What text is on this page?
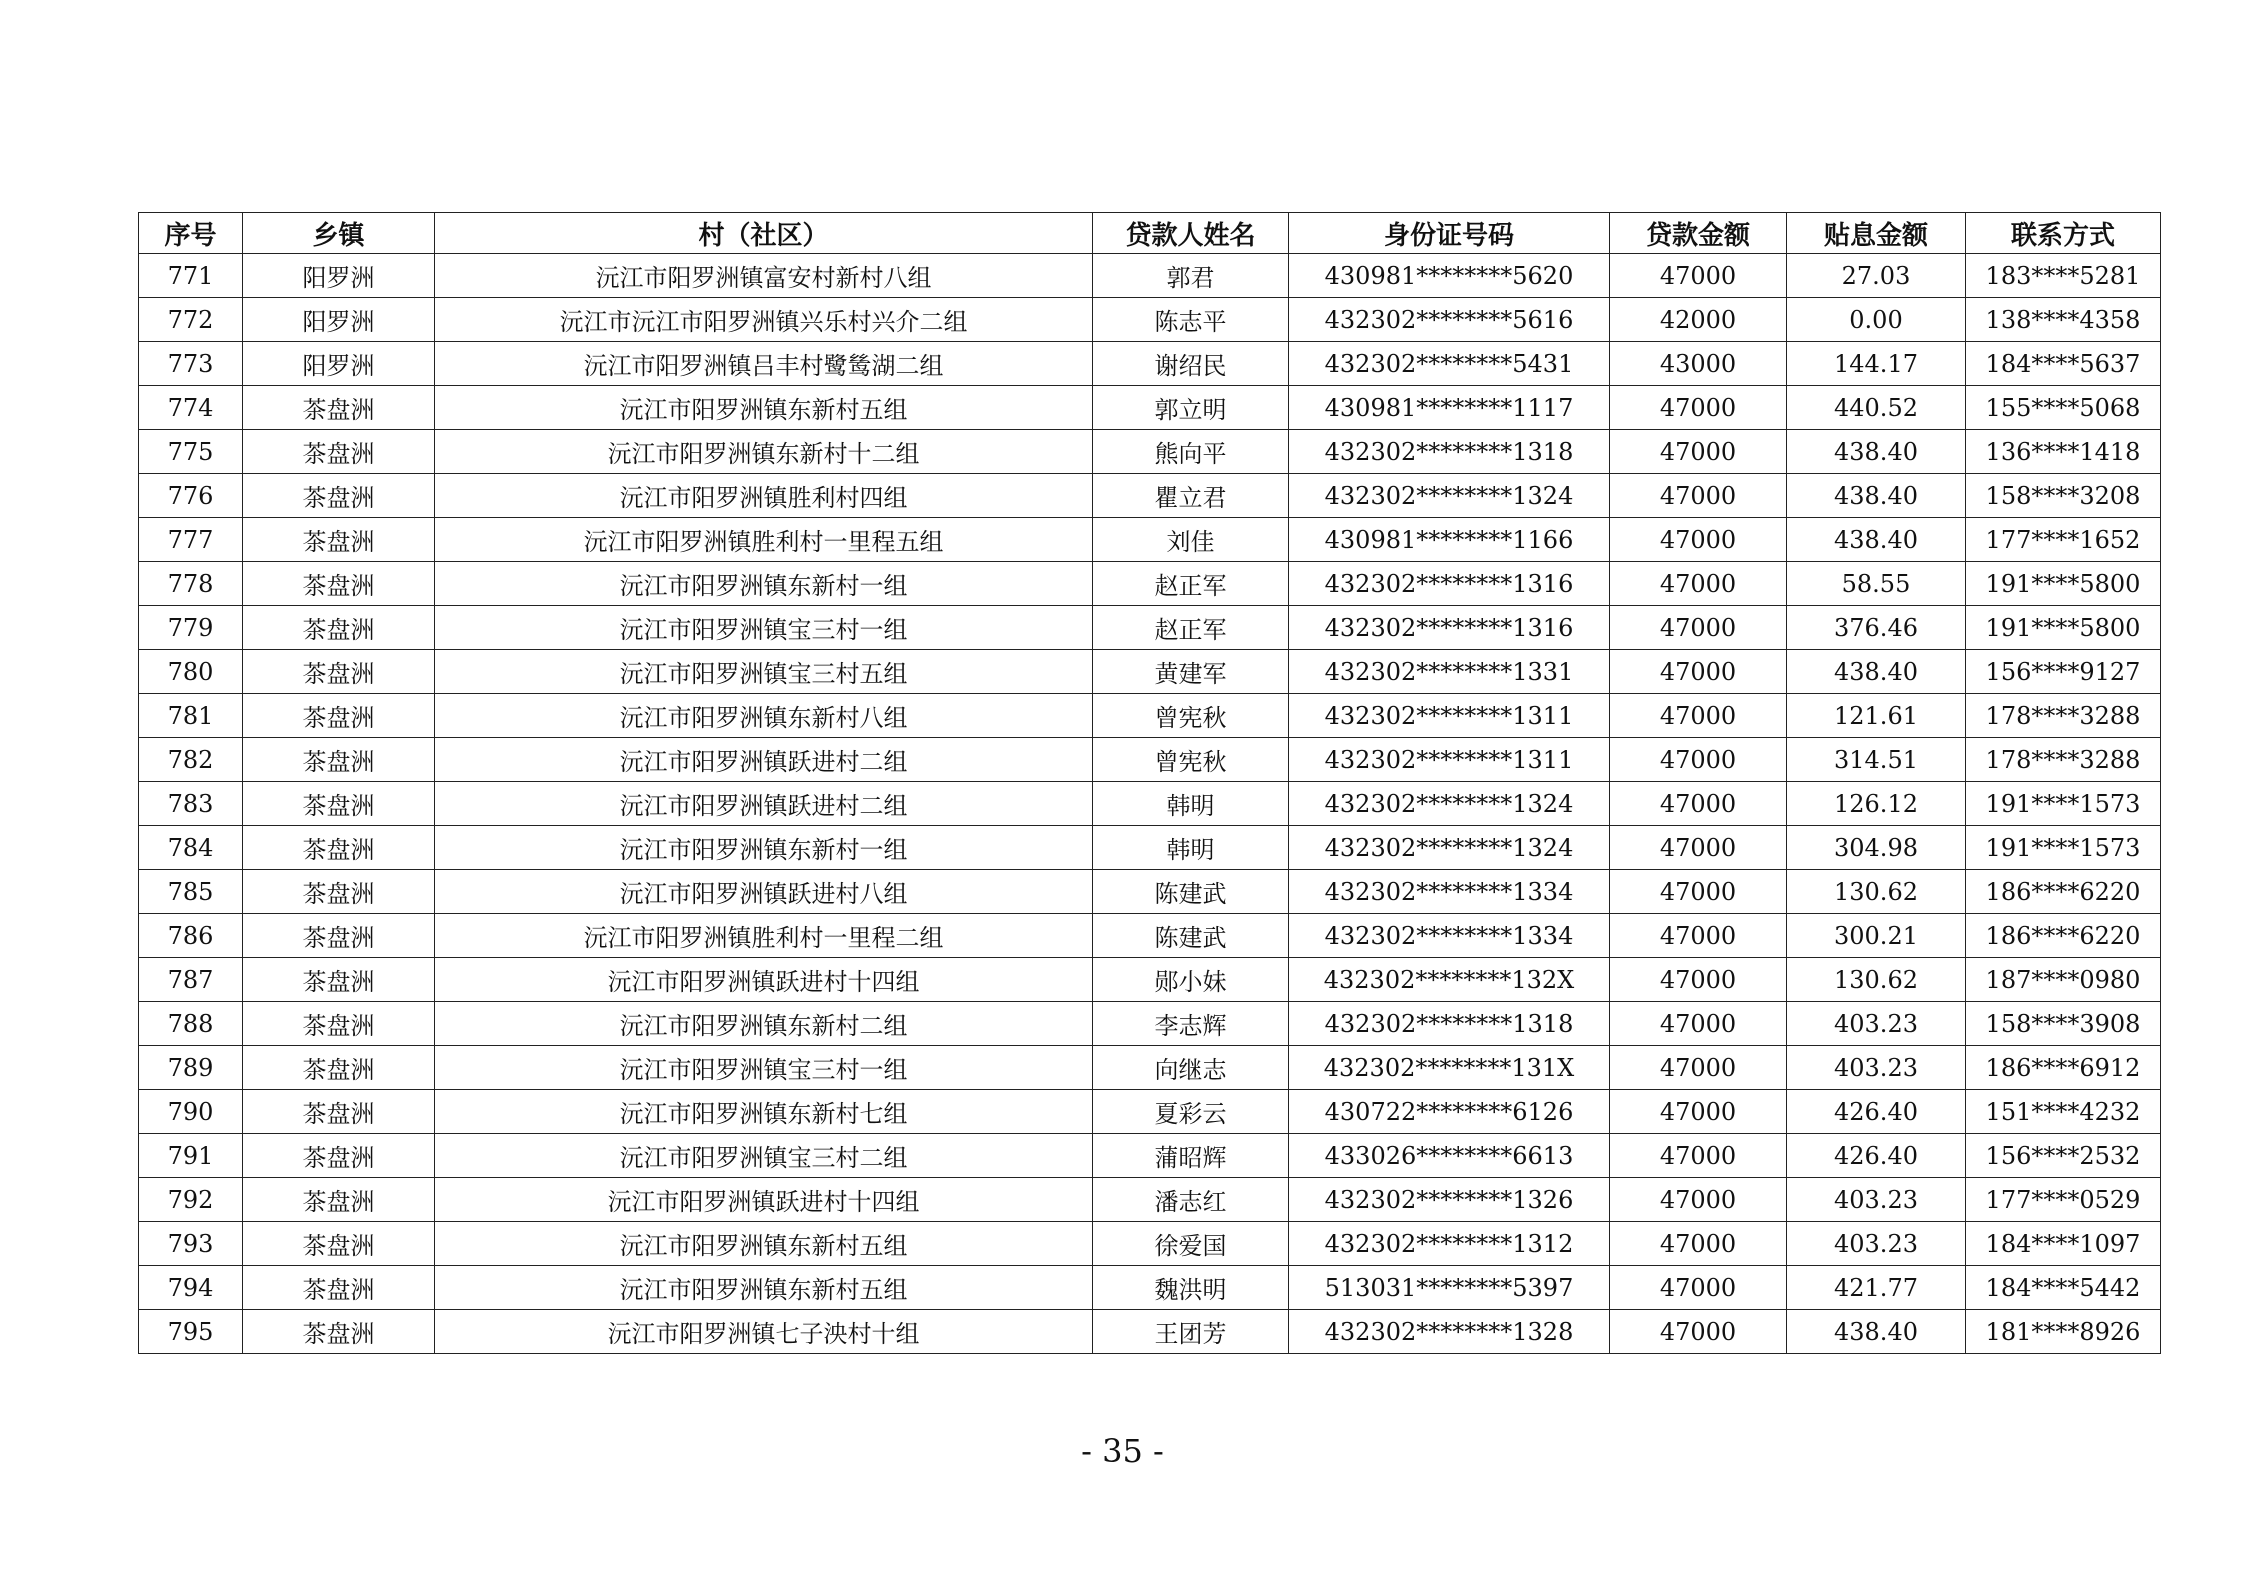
序号	乡镇	村（社区）	贷款人姓名	身份证号码	贷款金额	贴息金额	联系方式
771	阳罗洲	沅江市阳罗洲镇富安村新村八组	郭君	430981********5620	47000	27.03	183****5281
772	阳罗洲	沅江市沅江市阳罗洲镇兴乐村兴介二组	陈志平	432302********5616	42000	0.00	138****4358
773	阳罗洲	沅江市阳罗洲镇吕丰村鹭鸶湖二组	谢绍民	432302********5431	43000	144.17	184****5637
774	茶盘洲	沅江市阳罗洲镇东新村五组	郭立明	430981********1117	47000	440.52	155****5068
775	茶盘洲	沅江市阳罗洲镇东新村十二组	熊向平	432302********1318	47000	438.40	136****1418
776	茶盘洲	沅江市阳罗洲镇胜利村四组	瞿立君	432302********1324	47000	438.40	158****3208
777	茶盘洲	沅江市阳罗洲镇胜利村一里程五组	刘佳	430981********1166	47000	438.40	177****1652
778	茶盘洲	沅江市阳罗洲镇东新村一组	赵正军	432302********1316	47000	58.55	191****5800
779	茶盘洲	沅江市阳罗洲镇宝三村一组	赵正军	432302********1316	47000	376.46	191****5800
780	茶盘洲	沅江市阳罗洲镇宝三村五组	黄建军	432302********1331	47000	438.40	156****9127
781	茶盘洲	沅江市阳罗洲镇东新村八组	曾宪秋	432302********1311	47000	121.61	178****3288
782	茶盘洲	沅江市阳罗洲镇跃进村二组	曾宪秋	432302********1311	47000	314.51	178****3288
783	茶盘洲	沅江市阳罗洲镇跃进村二组	韩明	432302********1324	47000	126.12	191****1573
784	茶盘洲	沅江市阳罗洲镇东新村一组	韩明	432302********1324	47000	304.98	191****1573
785	茶盘洲	沅江市阳罗洲镇跃进村八组	陈建武	432302********1334	47000	130.62	186****6220
786	茶盘洲	沅江市阳罗洲镇胜利村一里程二组	陈建武	432302********1334	47000	300.21	186****6220
787	茶盘洲	沅江市阳罗洲镇跃进村十四组	郧小妹	432302********132X	47000	130.62	187****0980
788	茶盘洲	沅江市阳罗洲镇东新村二组	李志辉	432302********1318	47000	403.23	158****3908
789	茶盘洲	沅江市阳罗洲镇宝三村一组	向继志	432302********131X	47000	403.23	186****6912
790	茶盘洲	沅江市阳罗洲镇东新村七组	夏彩云	430722********6126	47000	426.40	151****4232
791	茶盘洲	沅江市阳罗洲镇宝三村二组	蒲昭辉	433026********6613	47000	426.40	156****2532
792	茶盘洲	沅江市阳罗洲镇跃进村十四组	潘志红	432302********1326	47000	403.23	177****0529
793	茶盘洲	沅江市阳罗洲镇东新村五组	徐爱国	432302********1312	47000	403.23	184****1097
794	茶盘洲	沅江市阳罗洲镇东新村五组	魏洪明	513031********5397	47000	421.77	184****5442
795	茶盘洲	沅江市阳罗洲镇七子泱村十组	王团芳	432302********1328	47000	438.40	181****8926
- 35 -
